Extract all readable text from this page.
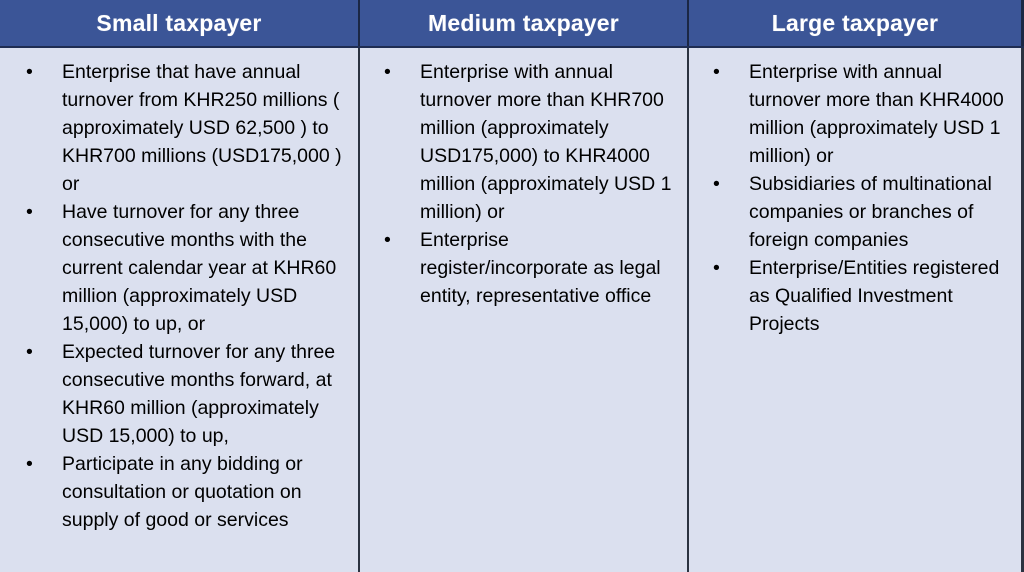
Small taxpayer	Medium taxpayer	Large taxpayer
• Enterprise that have annual turnover from KHR250 millions ( approximately USD 62,500 ) to KHR700 millions (USD175,000 ) or
• Have turnover for any three consecutive months with the current calendar year at KHR60 million (approximately USD 15,000) to up, or
• Expected turnover for any three consecutive months forward, at KHR60 million (approximately USD 15,000) to up,
• Participate in any bidding or consultation or quotation on supply of good or services
• Enterprise with annual turnover more than KHR700 million (approximately USD175,000) to KHR4000 million (approximately USD 1 million) or
• Enterprise register/incorporate as legal entity, representative office
• Enterprise with annual turnover more than KHR4000 million (approximately USD 1 million) or
• Subsidiaries of multinational companies or branches of foreign companies
• Enterprise/Entities registered as Qualified Investment Projects
